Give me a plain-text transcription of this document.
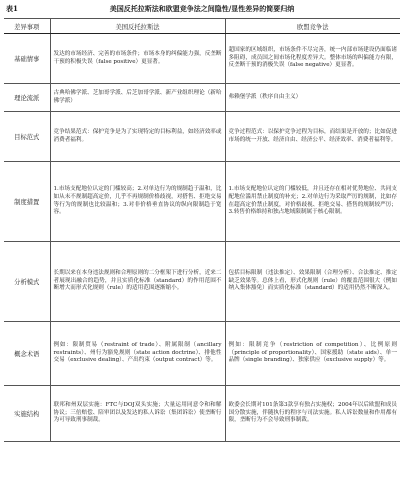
表1	美国反托拉斯法和欧盟竞争法之间隐性/显性差异的简要归纳
差异事项	美国反托拉斯法	欧盟竞争法
基础情事	发达的市场经济、完善的市场条件；市场本身的纠偏能力强，反垄断干预的积极失误（false positive）更显著。	超国家的区域组织，市场条件不尽完善，统一内部市场建设仍面临诸多阻碍，成员国之间市场化程度差异大。整体市场的纠偏能力有限，反垄断干预的消极失误（false negative）更显著。
理论流派	古典哈佛学派、芝加哥学派、后芝加哥学派、新产业组织理论（新哈佛学派）	弗赖堡学派（秩序自由主义）
目标范式	竞争结果范式：保护竞争是为了实现特定的目标利益，如经济效率或消费者福利。	竞争过程范式：以保护竞争过程为目标，而结果是开放的；比如促进市场的统一开放、经济自由、经济公平、经济效率、消费者福利等。
制度措置	1.市场支配地位认定的门槛较高；2.对单边行为的规制趋于温和，比如从未不规制超高定价，几乎不再规制价格歧视，对搭售、拒绝交易等行为的规制也比较温和；3.对非价格垂直协议的纵向限制趋于宽容。	1.市场支配地位认定的门槛较低，并且还存在相对优势地位、共同支配地位滥用禁止制度的补充；2.对单边行为采取严厉的规制，比如存在超高定价禁止制度，对价格歧视、拒绝交易、搭售的规制较严厉；3.转售价格维持和独占地域限制属于核心限制。
分析模式	长期以来在本身违法规则和合理原则的二分框架下进行分析，近来二者展现出融合的趋势，并且实质化标准（standard）的作用范围不断增大而形式化规则（rule）的适用范围逐渐缩小。	包括目标限制（违法推定）、效果限制（合理分析）、合法推定、推定缺乏效果等。总体上看，形式化规则（rule）的覆盖范围很大（例如纳入集体豁免）而实质化标准（standard）的适用仍然不断深入。
概念术语	例如：限制贸易（restraint of trade）、附属限制（ancillary restraints）、州行为豁免规则（state action doctrine）、排他性交易（exclusive dealing）、产出约束（output contract）等。	例如：限制竞争（restriction of competition）、比例原则（principle of proportionality）、国家援助（state aids）、单一品牌（single branding）、独家供应（exclusive supply）等。
实施结构	联邦和州双层实施：FTC与DOJ双头实施；大量运用同意令和和解协议；三倍赔偿、陪审团以及发达的私人诉讼（集团诉讼）使垄断行为可导致刑事制裁。	欧委会长期对101条第3款享有独占实施权；2004年以后欧盟和成员国分散实施，伴随执行的程序与司法实施。私人诉讼数量和作用都有限，垄断行为不会导致刑事制裁。
